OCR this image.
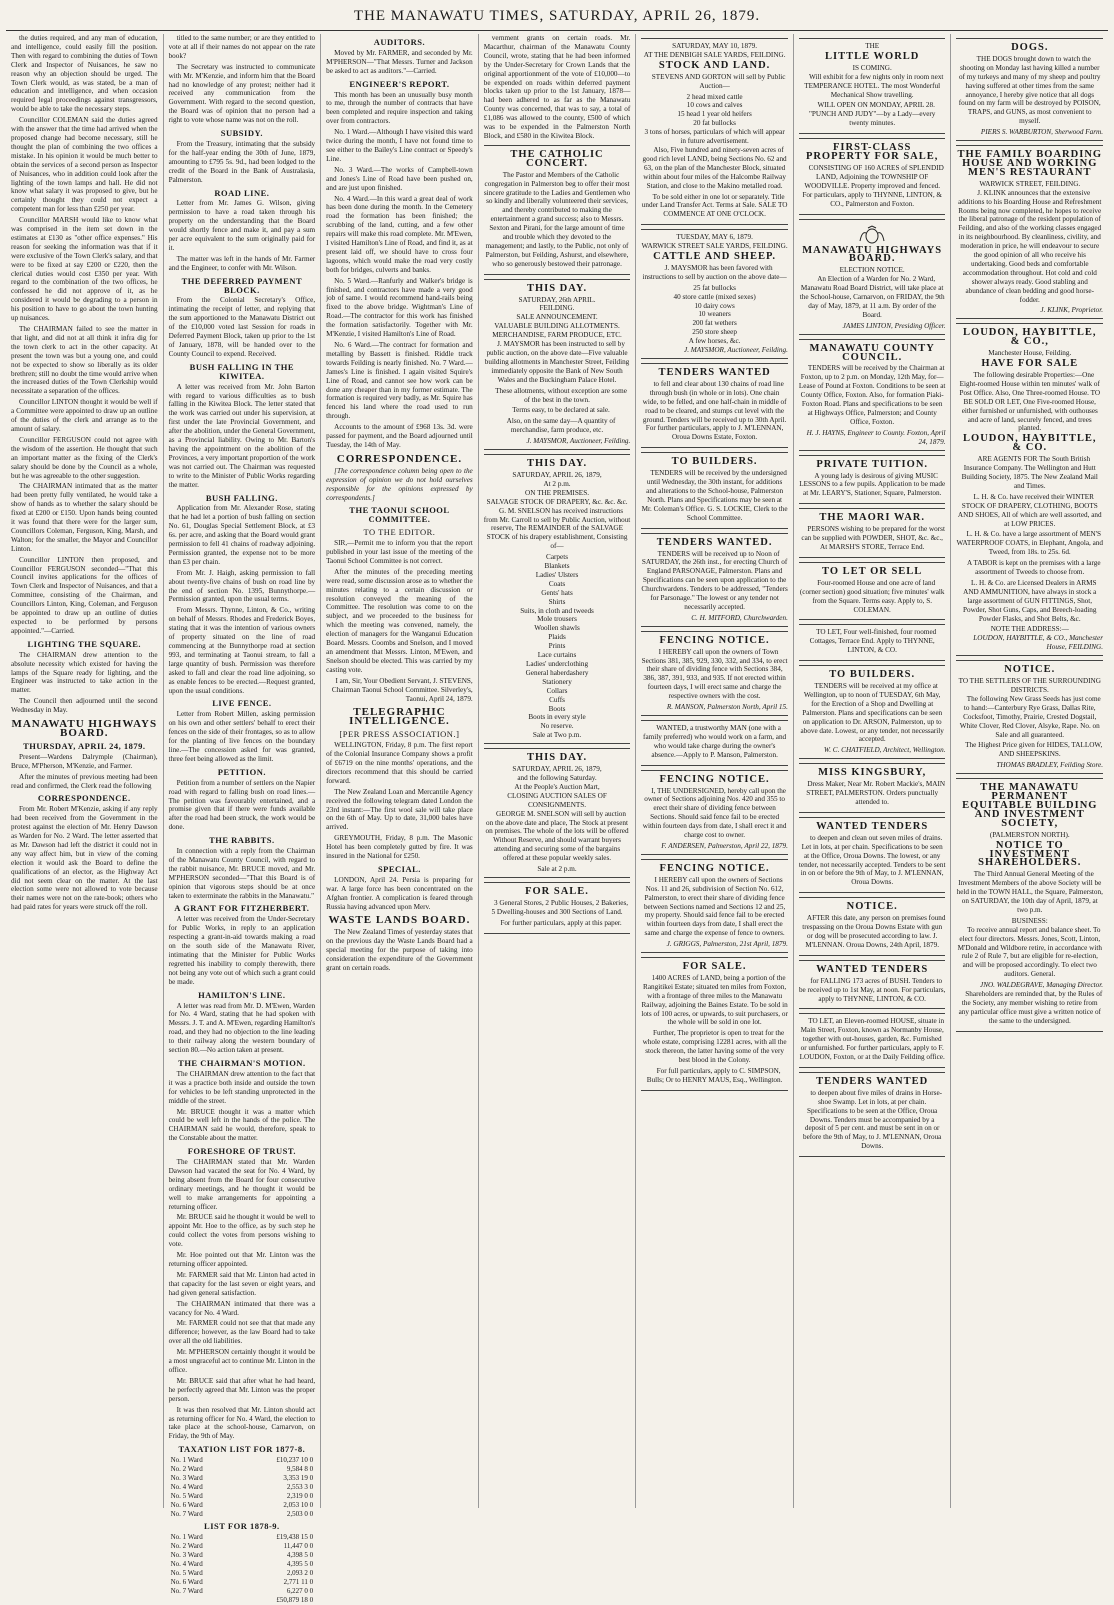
THE MANAWATU TIMES, SATURDAY, APRIL 26, 1879.

the duties required, and any man of education, and intelligence, could easily fill the position. Then with regard to combining the duties of Town Clerk and Inspector of Nuisances, he saw no reason why an objection should be urged. The Town Clerk would, as was stated, be a man of education and intelligence, and when occasion required legal proceedings against transgressors, would be able to take the necessary steps.

Councillor COLEMAN said the duties agreed with the answer that the time had arrived when the proposed change had become necessary, still he thought the plan of combining the two offices a mistake. In his opinion it would be much better to obtain the services of a second person as Inspector of Nuisances, who in addition could look after the lighting of the town lamps and hall. He did not know what salary it was proposed to give, but he certainly thought they could not expect a competent man for less than £250 per year.

Councillor MARSH would like to know what was comprised in the item set down in the estimates at £130 as "other office expenses." His reason for seeking the information was that if it were exclusive of the Town Clerk's salary, and that were to be fixed at say £200 or £220, then the clerical duties would cost £350 per year. With regard to the combination of the two offices, he confessed he did not approve of it, as he considered it would be degrading to a person in his position to have to go about the town hunting up nuisances.

The CHAIRMAN failed to see the matter in that light, and did not at all think it infra dig for the town clerk to act in the other capacity. At present the town was but a young one, and could not be expected to show so liberally as its older brethren; still no doubt the time would arrive when the increased duties of the Town Clerkship would necessitate a separation of the offices.

Councillor LINTON thought it would be well if a Committee were appointed to draw up an outline of the duties of the clerk and arrange as to the amount of salary.

Councillor FERGUSON could not agree with the wisdom of the assertion. He thought that such an important matter as the fixing of the Clerk's salary should be done by the Council as a whole, but he was agreeable to the other suggestion.

The CHAIRMAN intimated that as the matter had been pretty fully ventilated, he would take a show of hands as to whether the salary should be fixed at £200 or £150. Upon hands being counted it was found that there were for the larger sum, Councillors Coleman, Ferguson, King, Marsh, and Walton; for the smaller, the Mayor and Councillor Linton.

Councillor LINTON then proposed, and Councillor FERGUSON seconded—"That this Council invites applications for the offices of Town Clerk and Inspector of Nuisances, and that a Committee, consisting of the Chairman, and Councillors Linton, King, Coleman, and Ferguson be appointed to draw up an outline of duties expected to be performed by persons appointed."—Carried.

LIGHTING THE SQUARE.

The CHAIRMAN drew attention to the absolute necessity which existed for having the lamps of the Square ready for lighting, and the Engineer was instructed to take action in the matter.

The Council then adjourned until the second Wednesday in May.

MANAWATU HIGHWAYS BOARD.
THURSDAY, APRIL 24, 1879.

Present—Wardens Dalrymple (Chairman), Bruce, M'Pherson, M'Kenzie, and Farmer.

After the minutes of previous meeting had been read and confirmed, the Clerk read the following

CORRESPONDENCE.

From Mr. Robert M'Kenzie, asking if any reply had been received from the Government in the protest against the election of Mr. Henry Dawson as Warden for No. 2 Ward. The letter asserted that as Mr. Dawson had left the district it could not in any way affect him, but in view of the coming election it would ask the Board to define the qualifications of an elector, as the Highway Act did not seem clear on the matter. At the last election some were not allowed to vote because their names were not on the rate-book; others who had paid rates for years were struck off the roll.

titled to the same number; or are they entitled to vote at all if their names do not appear on the rate book?

The Secretary was instructed to communicate with Mr. M'Kenzie, and inform him that the Board had no knowledge of any protest; neither had it received any communication from the Government. With regard to the second question, the Board was of opinion that no person had a right to vote whose name was not on the roll.

SUBSIDY.

From the Treasury, intimating that the subsidy for the half-year ending the 30th of June, 1879, amounting to £795 5s. 9d., had been lodged to the credit of the Board in the Bank of Australasia, Palmerston.

ROAD LINE.

Letter from Mr. James G. Wilson, giving permission to have a road taken through his property on the understanding that the Board would shortly fence and make it, and pay a sum per acre equivalent to the sum originally paid for it.

The matter was left in the hands of Mr. Farmer and the Engineer, to confer with Mr. Wilson.

THE DEFERRED PAYMENT BLOCK.

From the Colonial Secretary's Office, intimating the receipt of letter, and replying that the sum apportioned to the Manawatu District out of the £10,000 voted last Session for roads in Deferred Payment Block, taken up prior to the 1st of January, 1878, will be handed over to the County Council to expend. Received.

BUSH FALLING IN THE KIWITEA.

A letter was received from Mr. John Barton with regard to various difficulties as to bush falling in the Kiwitea Block. The letter stated that the work was carried out under his supervision, at first under the late Provincial Government, and after the abolition, under the General Government, as a Provincial liability. Owing to Mr. Barton's having the appointment on the abolition of the Provinces, a very important proportion of the work was not carried out. The Chairman was requested to write to the Minister of Public Works regarding the matter.

BUSH FALLING.

Application from Mr. Alexander Rose, stating that he had let a portion of bush falling on section No. 61, Douglas Special Settlement Block, at £3 6s. per acre, and asking that the Board would grant permission to fell 41 chains of roadway adjoining. Permission granted, the expense not to be more than £3 per chain.

From Mr. J. Haigh, asking permission to fall about twenty-five chains of bush on road line by the end of section No. 1395, Bunnythorpe.—Permission granted, upon the usual terms.

From Messrs. Thynne, Linton, & Co., writing on behalf of Messrs. Rhodes and Frederick Boyes, stating that it was the intention of various owners of property situated on the line of road commencing at the Bunnythorpe road at section 993, and terminating at Taonui stream, to fall a large quantity of bush. Permission was therefore asked to fall and clear the road line adjoining, so as enable fences to be erected.—Request granted, upon the usual conditions.

LIVE FENCE.

Letter from Robert Millen, asking permission on his own and other settlers' behalf to erect their fences on the side of their frontages, so as to allow for the planting of live fences on the boundary line.—The concession asked for was granted, three feet being allowed as the limit.

PETITION.

Petition from a number of settlers on the Napier road with regard to falling bush on road lines.—The petition was favourably entertained, and a promise given that if there were funds available after the road had been struck, the work would be done.

THE RABBITS.

In connection with a reply from the Chairman of the Manawatu County Council, with regard to the rabbit nuisance, Mr. BRUCE moved, and Mr. M'PHERSON seconded—"That this Board is of opinion that vigorous steps should be at once taken to exterminate the rabbits in the Manawatu."

A GRANT FOR FITZHERBERT.

A letter was received from the Under-Secretary for Public Works, in reply to an application respecting a grant-in-aid towards making a road on the south side of the Manawatu River, intimating that the Minister for Public Works regretted his inability to comply therewith, there not being any vote out of which such a grant could be made.

HAMILTON'S LINE.

A letter was read from Mr. D. M'Ewen, Warden for No. 4 Ward, stating that he had spoken with Messrs. J. T. and A. M'Ewen, regarding Hamilton's road, and they had no objection to the line leading to their railway along the western boundary of section 80.—No action taken at present.

THE CHAIRMAN'S MOTION.

The CHAIRMAN drew attention to the fact that it was a practice both inside and outside the town for vehicles to be left standing unprotected in the middle of the street.

Mr. BRUCE thought it was a matter which could be well left in the hands of the police. The CHAIRMAN said he would, therefore, speak to the Constable about the matter.

FORESHORE OF TRUST.

The CHAIRMAN stated that Mr. Warden Dawson had vacated the seat for No. 4 Ward, by being absent from the Board for four consecutive ordinary meetings, and he thought it would be well to make arrangements for appointing a returning officer.

Mr. BRUCE said he thought it would be well to appoint Mr. Hoe to the office, as by such step he could collect the votes from persons wishing to vote.

Mr. Hoe pointed out that Mr. Linton was the returning officer appointed.

Mr. FARMER said that Mr. Linton had acted in that capacity for the last seven or eight years, and had given general satisfaction.

The CHAIRMAN intimated that there was a vacancy for No. 4 Ward.

Mr. FARMER could not see that that made any difference; however, as the law Board had to take over all the old liabilities.

Mr. M'PHERSON certainly thought it would be a most ungraceful act to continue Mr. Linton in the office.

Mr. BRUCE said that after what he had heard, he perfectly agreed that Mr. Linton was the proper person.

It was then resolved that Mr. Linton should act as returning officer for No. 4 Ward, the election to take place at the school-house, Carnarvon, on Friday, the 9th of May.

TAXATION LIST FOR 1877-8.
No. 1 Ward	£10,237 10 0
No. 2 Ward	9,584 8 0
No. 3 Ward	3,353 19 0
No. 4 Ward	2,553 3 0
No. 5 Ward	2,319 0 0
No. 6 Ward	2,053 10 0
No. 7 Ward	2,503 0 0
LIST FOR 1878-9.
No. 1 Ward	£19,438 15 0
No. 2 Ward	11,447 0 0
No. 3 Ward	4,398 5 0
No. 4 Ward	4,395 5 0
No. 5 Ward	2,093 2 0
No. 6 Ward	2,771 11 0
No. 7 Ward	6,227 0 0
	£50,879 18 0
AUDITORS.

Moved by Mr. FARMER, and seconded by Mr. M'PHERSON—"That Messrs. Turner and Jackson be asked to act as auditors."—Carried.

ENGINEER'S REPORT.

This month has been an unusually busy month to me, through the number of contracts that have been completed and require inspection and taking over from contractors.

No. 1 Ward.—Although I have visited this ward twice during the month, I have not found time to see either to the Bailey's Line contract or Speedy's Line.

No. 3 Ward.—The works of Campbell-town and Jones's Line of Road have been pushed on, and are just upon finished.

No. 4 Ward.—In this ward a great deal of work has been done during the month. In the Cemetery road the formation has been finished; the scrubbing of the land, cutting, and a few other repairs will make this road complete. Mr. M'Ewen, I visited Hamilton's Line of Road, and find it, as at present laid off, we should have to cross four lagoons, which would make the road very costly both for bridges, culverts and banks.

No. 5 Ward.—Ranfurly and Walker's bridge is finished, and contractors have made a very good job of same. I would recommend hand-rails being fixed to the above bridge. Wightman's Line of Road.—The contractor for this work has finished the formation satisfactorily. Together with Mr. M'Kenzie, I visited Hamilton's Line of Road.

No. 6 Ward.—The contract for formation and metalling by Bassett is finished. Riddle track towards Feilding is nearly finished. No. 7 Ward.—James's Line is finished. I again visited Squire's Line of Road, and cannot see how work can be done any cheaper than in my former estimate. The formation is required very badly, as Mr. Squire has fenced his land where the road used to run through.

Accounts to the amount of £968 13s. 3d. were passed for payment, and the Board adjourned until Tuesday, the 14th of May.

CORRESPONDENCE.

[The correspondence column being open to the expression of opinion we do not hold ourselves responsible for the opinions expressed by correspondents.]

THE TAONUI SCHOOL COMMITTEE.
TO THE EDITOR.

SIR,—Permit me to inform you that the report published in your last issue of the meeting of the Taonui School Committee is not correct.

After the minutes of the preceding meeting were read, some discussion arose as to whether the minutes relating to a certain discussion or resolution conveyed the meaning of the Committee. The resolution was come to on the subject, and we proceeded to the business for which the meeting was convened, namely, the election of managers for the Wanganui Education Board. Messrs. Coombs and Snelson, and I moved an amendment that Messrs. Linton, M'Ewen, and Snelson should be elected. This was carried by my casting vote.

I am, Sir, Your Obedient Servant, J. STEVENS, Chairman Taonui School Committee. Silverley's, Taonui, April 24, 1879.

TELEGRAPHIC INTELLIGENCE.
[PER PRESS ASSOCIATION.]

WELLINGTON, Friday, 8 p.m. The first report of the Colonial Insurance Company shows a profit of £6719 on the nine months' operations, and the directors recommend that this should be carried forward.

The New Zealand Loan and Mercantile Agency received the following telegram dated London the 23rd instant:—The first wool sale will take place on the 6th of May. Up to date, 31,000 bales have arrived.

GREYMOUTH, Friday, 8 p.m. The Masonic Hotel has been completely gutted by fire. It was insured in the National for £250.

SPECIAL.

LONDON, April 24. Persia is preparing for war. A large force has been concentrated on the Afghan frontier. A complication is feared through Russia having advanced upon Merv.

WASTE LANDS BOARD.

The New Zealand Times of yesterday states that on the previous day the Waste Lands Board had a special meeting for the purpose of taking into consideration the expenditure of the Government grant on certain roads.

vernment grants on certain roads. Mr. Macarthur, chairman of the Manawatu County Council, wrote, stating that he had been informed by the Under-Secretary for Crown Lands that the original apportionment of the vote of £10,000—to be expended on roads within deferred payment blocks taken up prior to the 1st January, 1878—had been adhered to as far as the Manawatu County was concerned, that was to say, a total of £1,086 was allowed to the county, £500 of which was to be expended in the Palmerston North Block, and £580 in the Kiwitea Block.

THE CATHOLIC CONCERT.

The Pastor and Members of the Catholic congregation in Palmerston beg to offer their most sincere gratitude to the Ladies and Gentlemen who so kindly and liberally volunteered their services, and thereby contributed to making the entertainment a grand success; also to Messrs. Sexton and Pirani, for the large amount of time and trouble which they devoted to the management; and lastly, to the Public, not only of Palmerston, but Feilding, Ashurst, and elsewhere, who so generously bestowed their patronage.

THIS DAY.
SATURDAY, 26th APRIL.
FEILDING.
SALE ANNOUNCEMENT.
VALUABLE BUILDING ALLOTMENTS.
MERCHANDISE, FARM PRODUCE, ETC.

J. MAYSMOR has been instructed to sell by public auction, on the above date—Five valuable building allotments in Manchester Street, Feilding immediately opposite the Bank of New South Wales and the Buckingham Palace Hotel.

These allotments, without exception are some of the best in the town.

Terms easy, to be declared at sale.

Also, on the same day—A quantity of merchandise, farm produce, etc.

J. MAYSMOR, Auctioneer, Feilding.
THIS DAY.
SATURDAY, APRIL 26, 1879,
At 2 p.m.
ON THE PREMISES.
SALVAGE STOCK OF DRAPERY, &c. &c. &c.

G. M. SNELSON has received instructions from Mr. Carroll to sell by Public Auction, without reserve, The REMAINDER of the SALVAGE STOCK of his drapery establishment, Consisting of—

Carpets
Blankets
Ladies' Ulsters
Coats
Gents' hats
Shirts
Suits, in cloth and tweeds
Mole trousers
Woollen shawls
Plaids
Prints
Lace curtains
Ladies' underclothing
General haberdashery
Stationery
Collars
Cuffs
Boots
Boots in every style
No reserve.
Sale at Two p.m.
THIS DAY.
SATURDAY, APRIL 26, 1879,
and the following Saturday.
At the People's Auction Mart,
CLOSING AUCTION SALES OF CONSIGNMENTS.

GEORGE M. SNELSON will sell by auction on the above date and place, The Stock at present on premises. The whole of the lots will be offered Without Reserve, and should warrant buyers attending and securing some of the bargains offered at these popular weekly sales.

Sale at 2 p.m.
FOR SALE.

3 General Stores, 2 Public Houses, 2 Bakeries, 5 Dwelling-houses and 300 Sections of Land.

For further particulars, apply at this paper.

SATURDAY, MAY 10, 1879.
AT THE DENBIGH SALE YARDS, FEILDING.
STOCK AND LAND.

STEVENS AND GORTON will sell by Public Auction—

2 head mixed cattle
10 cows and calves
15 head 1 year old heifers
20 fat bullocks
3 tons of horses, particulars of which will appear in future advertisement.

Also, Five hundred and ninety-seven acres of good rich level LAND, being Sections No. 62 and 63, on the plan of the Manchester Block, situated within about four miles of the Halcombe Railway Station, and close to the Makino metalled road.

To be sold either in one lot or separately. Title under Land Transfer Act. Terms at Sale. SALE TO COMMENCE AT ONE O'CLOCK.

TUESDAY, MAY 6, 1879.
WARWICK STREET SALE YARDS, FEILDING.
CATTLE AND SHEEP.

J. MAYSMOR has been favored with instructions to sell by auction on the above date—

25 fat bullocks
40 store cattle (mixed sexes)
10 dairy cows
10 weaners
200 fat wethers
250 store sheep
A few horses, &c.
J. MAYSMOR, Auctioneer, Feilding.
TENDERS WANTED

to fell and clear about 130 chains of road line through bush (in whole or in lots). One chain wide, to be felled, and one half-chain in middle of road to be cleared, and stumps cut level with the ground. Tenders will be received up to 30th April. For further particulars, apply to J. M'LENNAN, Oroua Downs Estate, Foxton.

TO BUILDERS.

TENDERS will be received by the undersigned until Wednesday, the 30th instant, for additions and alterations to the School-house, Palmerston North. Plans and Specifications may be seen at Mr. Coleman's Office. G. S. LOCKIE, Clerk to the School Committee.

TENDERS WANTED.

TENDERS will be received up to Noon of SATURDAY, the 26th inst., for erecting Church of England PARSONAGE, Palmerston. Plans and Specifications can be seen upon application to the Churchwardens. Tenders to be addressed, "Tenders for Parsonage." The lowest or any tender not necessarily accepted.

C. H. MITFORD, Churchwarden.
FENCING NOTICE.

I HEREBY call upon the owners of Town Sections 381, 385, 929, 330, 332, and 334, to erect their share of dividing fence with Sections 384, 386, 387, 391, 933, and 935. If not erected within fourteen days, I will erect same and charge the respective owners with the cost.

R. MANSON, Palmerston North, April 15.

WANTED, a trustworthy MAN (one with a family preferred) who would work on a farm, and who would take charge during the owner's absence.—Apply to P. Manson, Palmerston.

FENCING NOTICE.

I, THE UNDERSIGNED, hereby call upon the owner of Sections adjoining Nos. 420 and 355 to erect their share of dividing fence between Sections. Should said fence fail to be erected within fourteen days from date, I shall erect it and charge cost to owner.

F. ANDERSEN, Palmerston, April 22, 1879.
FENCING NOTICE.

I HEREBY call upon the owners of Sections Nos. 11 and 26, subdivision of Section No. 612, Palmerston, to erect their share of dividing fence between Sections named and Sections 12 and 25, my property. Should said fence fail to be erected within fourteen days from date, I shall erect the same and charge the expense of fence to owners.

J. GRIGGS, Palmerston, 21st April, 1879.
FOR SALE.

1400 ACRES of LAND, being a portion of the Rangitikei Estate; situated ten miles from Foxton, with a frontage of three miles to the Manawatu Railway, adjoining the Baines Estate. To be sold in lots of 100 acres, or upwards, to suit purchasers, or the whole will be sold in one lot.

Further, The proprietor is open to treat for the whole estate, comprising 12281 acres, with all the stock thereon, the latter having some of the very best blood in the Colony.

For full particulars, apply to C. SIMPSON, Bulls; Or to HENRY MAUS, Esq., Wellington.

THE
LITTLE WORLD
IS COMING.

Will exhibit for a few nights only in room next TEMPERANCE HOTEL. The most Wonderful Mechanical Show travelling.

WILL OPEN ON MONDAY, APRIL 28. "PUNCH AND JUDY"—by a Lady—every twenty minutes.

FIRST-CLASS PROPERTY FOR SALE,

CONSISTING OF 160 ACRES of SPLENDID LAND, Adjoining the TOWNSHIP OF WOODVILLE. Property improved and fenced. For particulars, apply to THYNNE, LINTON, & CO., Palmerston and Foxton.

MANAWATU HIGHWAYS BOARD.
ELECTION NOTICE.

An Election of a Warden for No. 2 Ward, Manawatu Road Board District, will take place at the School-house, Carnarvon, on FRIDAY, the 9th day of May, 1879, at 11 a.m. By order of the Board.

JAMES LINTON, Presiding Officer.
MANAWATU COUNTY COUNCIL.

TENDERS will be received by the Chairman at Foxton, up to 2 p.m. on Monday, 12th May, for—Lease of Pound at Foxton. Conditions to be seen at County Office, Foxton. Also, for formation Piaki-Foxton Road. Plans and specifications to be seen at Highways Office, Palmerston; and County Office, Foxton.

H. J. HAYNS, Engineer to County. Foxton, April 24, 1879.
PRIVATE TUITION.

A young lady is desirous of giving MUSIC LESSONS to a few pupils. Application to be made at Mr. LEARY'S, Stationer, Square, Palmerston.

THE MAORI WAR.

PERSONS wishing to be prepared for the worst can be supplied with POWDER, SHOT, &c. &c., At MARSH'S STORE, Terrace End.

TO LET OR SELL

Four-roomed House and one acre of land (corner section) good situation; five minutes' walk from the Square. Terms easy. Apply to, S. COLEMAN.

TO LET, Four well-finished, four roomed Cottages, Terrace End. Apply to THYNNE, LINTON, & CO.

TO BUILDERS.

TENDERS will be received at my office at Wellington, up to noon of TUESDAY, 6th May, for the Erection of a Shop and Dwelling at Palmerston. Plans and specifications can be seen on application to Dr. ARSON, Palmerston, up to above date. Lowest, or any tender, not necessarily accepted.

W. C. CHATFIELD, Architect, Wellington.
MISS KINGSBURY,

Dress Maker, Near Mr. Robert Mackie's, MAIN STREET, PALMERSTON. Orders punctually attended to.

WANTED TENDERS

to deepen and clean out seven miles of drains. Let in lots, at per chain. Specifications to be seen at the Office, Oroua Downs. The lowest, or any tender, not necessarily accepted. Tenders to be sent in on or before the 9th of May, to J. M'LENNAN, Oroua Downs.

NOTICE.

AFTER this date, any person on premises found trespassing on the Oroua Downs Estate with gun or dog will be prosecuted according to law. J. M'LENNAN. Oroua Downs, 24th April, 1879.

WANTED TENDERS

for FALLING 173 acres of BUSH. Tenders to be received up to 1st May, at noon. For particulars, apply to THYNNE, LINTON, & CO.

TO LET, an Eleven-roomed HOUSE, situate in Main Street, Foxton, known as Normanby House, together with out-houses, garden, &c. Furnished or unfurnished. For further particulars, apply to F. LOUDON, Foxton, or at the Daily Feilding office.

TENDERS WANTED

to deepen about five miles of drains in Horse-shoe Swamp. Let in lots, at per chain. Specifications to be seen at the Office, Oroua Downs. Tenders must be accompanied by a deposit of 5 per cent. and must be sent in on or before the 9th of May, to J. M'LENNAN, Oroua Downs.

DOGS.

THE DOGS brought down to watch the shooting on Monday last having killed a number of my turkeys and many of my sheep and poultry having suffered at other times from the same annoyance, I hereby give notice that all dogs found on my farm will be destroyed by POISON, TRAPS, and GUNS, as most convenient to myself.

PIERS S. WARBURTON, Sherwood Farm.
THE FAMILY BOARDING HOUSE AND WORKING MEN'S RESTAURANT
WARWICK STREET, FEILDING.

J. KLINK announces that the extensive additions to his Boarding House and Refreshment Rooms being now completed, he hopes to receive the liberal patronage of the resident population of Feilding, and also of the working classes engaged in its neighbourhood. By cleanliness, civility, and moderation in price, he will endeavour to secure the good opinion of all who receive his undertaking. Good beds and comfortable accommodation throughout. Hot cold and cold shower always ready. Good stabling and abundance of clean bedding and good horse-fodder.

J. KLINK, Proprietor.
LOUDON, HAYBITTLE, & CO.,
Manchester House, Feilding.
HAVE FOR SALE

The following desirable Properties:—One Eight-roomed House within ten minutes' walk of Post Office. Also, One Three-roomed House. TO BE SOLD OR LET, One Five-roomed House, either furnished or unfurnished, with outhouses and acre of land, securely fenced, and trees planted.

LOUDON, HAYBITTLE, & CO.

ARE AGENTS FOR The South British Insurance Company. The Wellington and Hutt Building Society, 1875. The New Zealand Mail and Times.

L. H. & Co. have received their WINTER STOCK OF DRAPERY, CLOTHING, BOOTS AND SHOES, All of which are well assorted, and at LOW PRICES.

L. H. & Co. have a large assortment of MEN'S WATERPROOF COATS, in Elephant, Angola, and Tweed, from 18s. to 25s. 6d.

A TABOR is kept on the premises with a large assortment of Tweeds to choose from.

L. H. & Co. are Licensed Dealers in ARMS AND AMMUNITION, have always in stock a large assortment of GUN FITTINGS, Shot, Powder, Shot Guns, Caps, and Breech-loading Powder Flasks, and Shot Belts, &c.

NOTE THE ADDRESS:—
LOUDON, HAYBITTLE, & CO., Manchester House, FEILDING.
NOTICE.
TO THE SETTLERS OF THE SURROUNDING DISTRICTS.

The following New Grass Seeds has just come to hand:—Canterbury Rye Grass, Dallas Rite, Cocksfoot, Timothy, Prairie, Crested Dogstail, White Clover, Red Clover, Alsyke, Rape. No. on Sale and all guaranteed.

The Highest Price given for HIDES, TALLOW, AND SHEEPSKINS.

THOMAS BRADLEY, Feilding Store.
THE MANAWATU PERMANENT EQUITABLE BUILDING AND INVESTMENT SOCIETY,
(PALMERSTON NORTH).
NOTICE TO INVESTMENT SHAREHOLDERS.

The Third Annual General Meeting of the Investment Members of the above Society will be held in the TOWN HALL, the Square, Palmerston, on SATURDAY, the 10th day of April, 1879, at two p.m.

BUSINESS:

To receive annual report and balance sheet. To elect four directors. Messrs. Jones, Scott, Linton, M'Donald and Wildbore retire, in accordance with rule 2 of Rule 7, but are eligible for re-election, and will be proposed accordingly. To elect two auditors. General.

JNO. WALDEGRAVE, Managing Director.

Shareholders are reminded that, by the Rules of the Society, any member wishing to retire from any particular office must give a written notice of the same to the undersigned.
